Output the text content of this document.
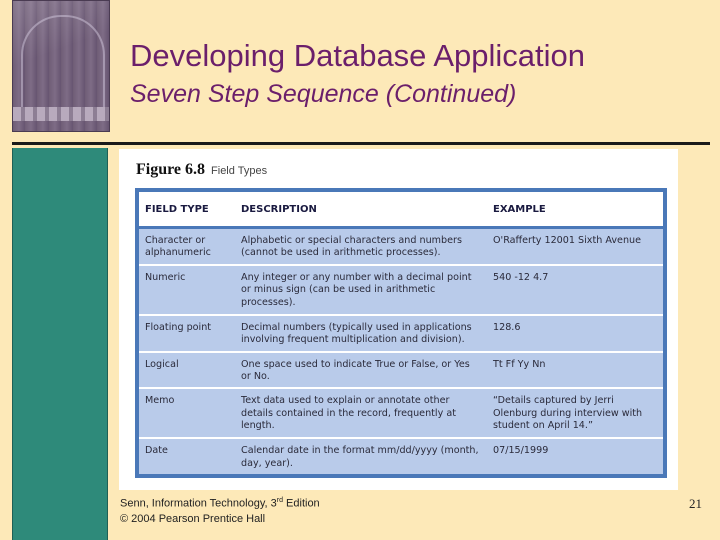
Developing Database Application
Seven Step Sequence (Continued)
Figure 6.8 Field Types
FIELD TYPE	DESCRIPTION	EXAMPLE
Character or alphanumeric	Alphabetic or special characters and numbers (cannot be used in arithmetic processes).	O'Rafferty 12001 Sixth Avenue
Numeric	Any integer or any number with a decimal point or minus sign (can be used in arithmetic processes).	540 -12 4.7
Floating point	Decimal numbers (typically used in applications involving frequent multiplication and division).	128.6
Logical	One space used to indicate True or False, or Yes or No.	Tt Ff Yy Nn
Memo	Text data used to explain or annotate other details contained in the record, frequently at length.	“Details captured by Jerri Olenburg during interview with student on April 14.”
Date	Calendar date in the format mm/dd/yyyy (month, day, year).	07/15/1999
Senn, Information Technology, 3rd Edition
© 2004 Pearson Prentice Hall
21
